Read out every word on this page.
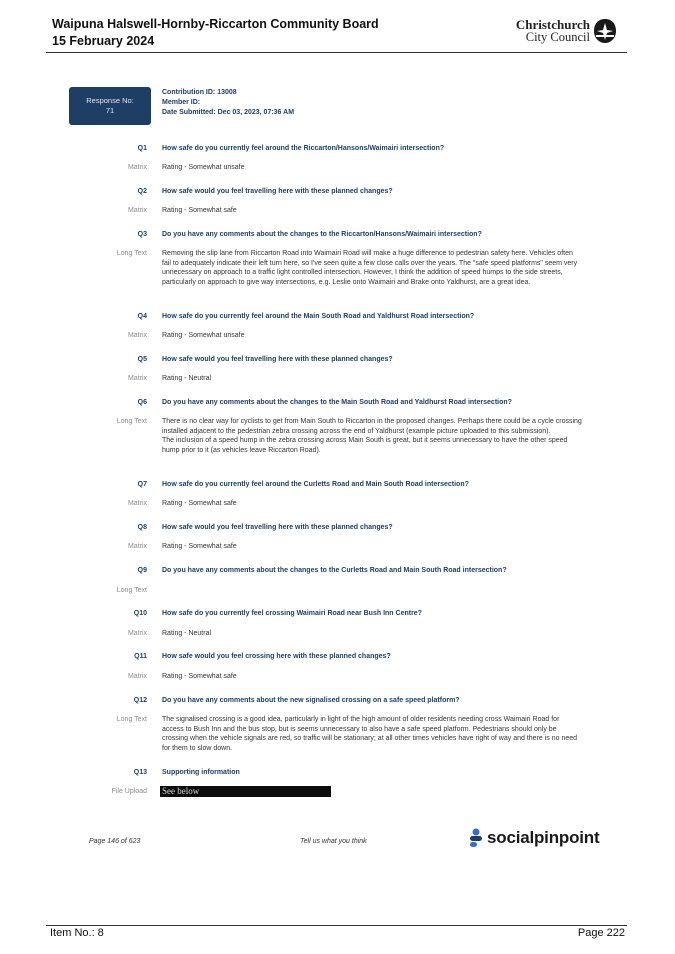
Waipuna Halswell-Hornby-Riccarton Community Board
15 February 2024
Christchurch
City Council
Response No:
71
Contribution ID: 13008
Member ID:
Date Submitted: Dec 03, 2023, 07:36 AM
Q1 How safe do you currently feel around the Riccarton/Hansons/Waimairi intersection?
Matrix Rating - Somewhat unsafe
Q2 How safe would you feel travelling here with these planned changes?
Matrix Rating - Somewhat safe
Q3 Do you have any comments about the changes to the Riccarton/Hansons/Waimairi intersection?
Long Text Removing the slip lane from Riccarton Road into Waimairi Road will make a huge difference to pedestrian safety here. Vehicles often fail to adequately indicate their left turn here, so I've seen quite a few close calls over the years. The "safe speed platforms" seem very unnecessary on approach to a traffic light controlled intersection. However, I think the addition of speed humps to the side streets, particularly on approach to give way intersections, e.g. Leslie onto Waimairi and Brake onto Yaldhurst, are a great idea.
Q4 How safe do you currently feel around the Main South Road and Yaldhurst Road intersection?
Matrix Rating - Somewhat unsafe
Q5 How safe would you feel travelling here with these planned changes?
Matrix Rating - Neutral
Q6 Do you have any comments about the changes to the Main South Road and Yaldhurst Road intersection?
Long Text There is no clear way for cyclists to get from Main South to Riccarton in the proposed changes. Perhaps there could be a cycle crossing installed adjacent to the pedestrian zebra crossing across the end of Yaldhurst (example picture uploaded to this submission).
The inclusion of a speed hump in the zebra crossing across Main South is great, but it seems unnecessary to have the other speed hump prior to it (as vehicles leave Riccarton Road).
Q7 How safe do you currently feel around the Curletts Road and Main South Road intersection?
Matrix Rating - Somewhat safe
Q8 How safe would you feel travelling here with these planned changes?
Matrix Rating - Somewhat safe
Q9 Do you have any comments about the changes to the Curletts Road and Main South Road intersection?
Long Text
Q10 How safe do you currently feel crossing Waimairi Road near Bush Inn Centre?
Matrix Rating - Neutral
Q11 How safe would you feel crossing here with these planned changes?
Matrix Rating - Somewhat safe
Q12 Do you have any comments about the new signalised crossing on a safe speed platform?
Long Text The signalised crossing is a good idea, particularly in light of the high amount of older residents needing cross Waimairi Road for access to Bush Inn and the bus stop, but is seems unnecessary to also have a safe speed platform. Pedestrians should only be crossing when the vehicle signals are red, so traffic will be stationary; at all other times vehicles have right of way and there is no need for them to slow down.
Q13 Supporting information
File Upload See below
Page 146 of 623	Tell us what you think	socialpinpoint
Item No.: 8	Page 222
